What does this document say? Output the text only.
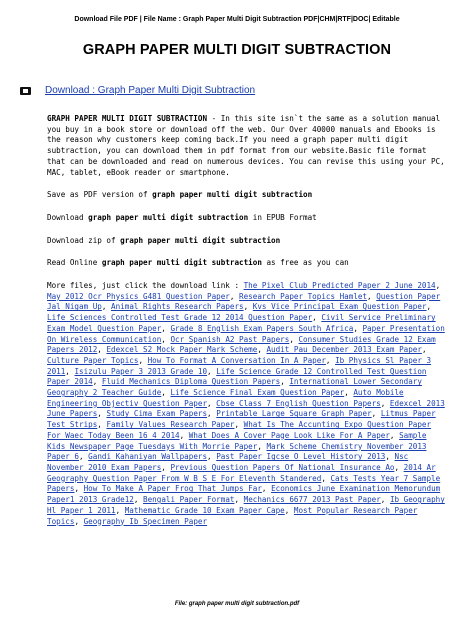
Download File PDF | File Name : Graph Paper Multi Digit Subtraction PDF|CHM|RTF|DOC| Editable
GRAPH PAPER MULTI DIGIT SUBTRACTION
Download : Graph Paper Multi Digit Subtraction

GRAPH PAPER MULTI DIGIT SUBTRACTION - In this site isn`t the same as a solution manual you buy in a book store or download off the web. Our Over 40000 manuals and Ebooks is the reason why customers keep coming back.If you need a graph paper multi digit subtraction, you can download them in pdf format from our website.Basic file format that can be downloaded and read on numerous devices. You can revise this using your PC, MAC, tablet, eBook reader or smartphone.

Save as PDF version of graph paper multi digit subtraction

Download graph paper multi digit subtraction in EPUB Format

Download zip of graph paper multi digit subtraction

Read Online graph paper multi digit subtraction as free as you can

More files, just click the download link : The Pixel Club Predicted Paper 2 June 2014, May 2012 Ocr Physics G481 Question Paper, Research Paper Topics Hamlet, Question Paper Jal Nigam Up, Animal Rights Research Papers, Kvs Vice Principal Exam Question Paper, Life Sciences Controlled Test Grade 12 2014 Question Paper, Civil Service Preliminary Exam Model Question Paper, Grade 8 English Exam Papers South Africa, Paper Presentation On Wireless Communication, Ocr Spanish A2 Past Papers, Consumer Studies Grade 12 Exam Papers 2012, Edexcel S2 Mock Paper Mark Scheme, Audit Pau December 2013 Exam Paper, Culture Paper Topics, How To Format A Conversation In A Paper, Ib Physics Sl Paper 3 2011, Isizulu Paper 3 2013 Grade 10, Life Science Grade 12 Controlled Test Question Paper 2014, Fluid Mechanics Diploma Question Papers, International Lower Secondary Geography 2 Teacher Guide, Life Science Final Exam Question Paper, Auto Mobile Engineering Objectiv Question Paper, Cbse Class 7 English Question Papers, Edexcel 2013 June Papers, Study Cima Exam Papers, Printable Large Square Graph Paper, Litmus Paper Test Strips, Family Values Research Paper, What Is The Accunting Expo Question Paper For Waec Today Been 16 4 2014, What Does A Cover Page Look Like For A Paper, Sample Kids Newspaper Page Tuesdays With Morrie Paper, Mark Scheme Chemistry November 2013 Paper 6, Gandi Kahaniyan Wallpapers, Past Paper Igcse O Level History 2013, Nsc November 2010 Exam Papers, Previous Question Papers Of National Insurance Ao, 2014 Ar Geography Question Paper From W B S E For Eleventh Standered, Cats Tests Year 7 Sample Papers, How To Make A Paper Frog That Jumps Far, Economics June Examination Memorundum Paper1 2013 Grade12, Bengali Paper Format, Mechanics 6677 2013 Past Paper, Ib Geography Hl Paper 1 2011, Mathematic Grade 10 Exam Paper Cape, Most Popular Research Paper Topics, Geography Ib Specimen Paper

File: graph paper multi digit subtraction.pdf
